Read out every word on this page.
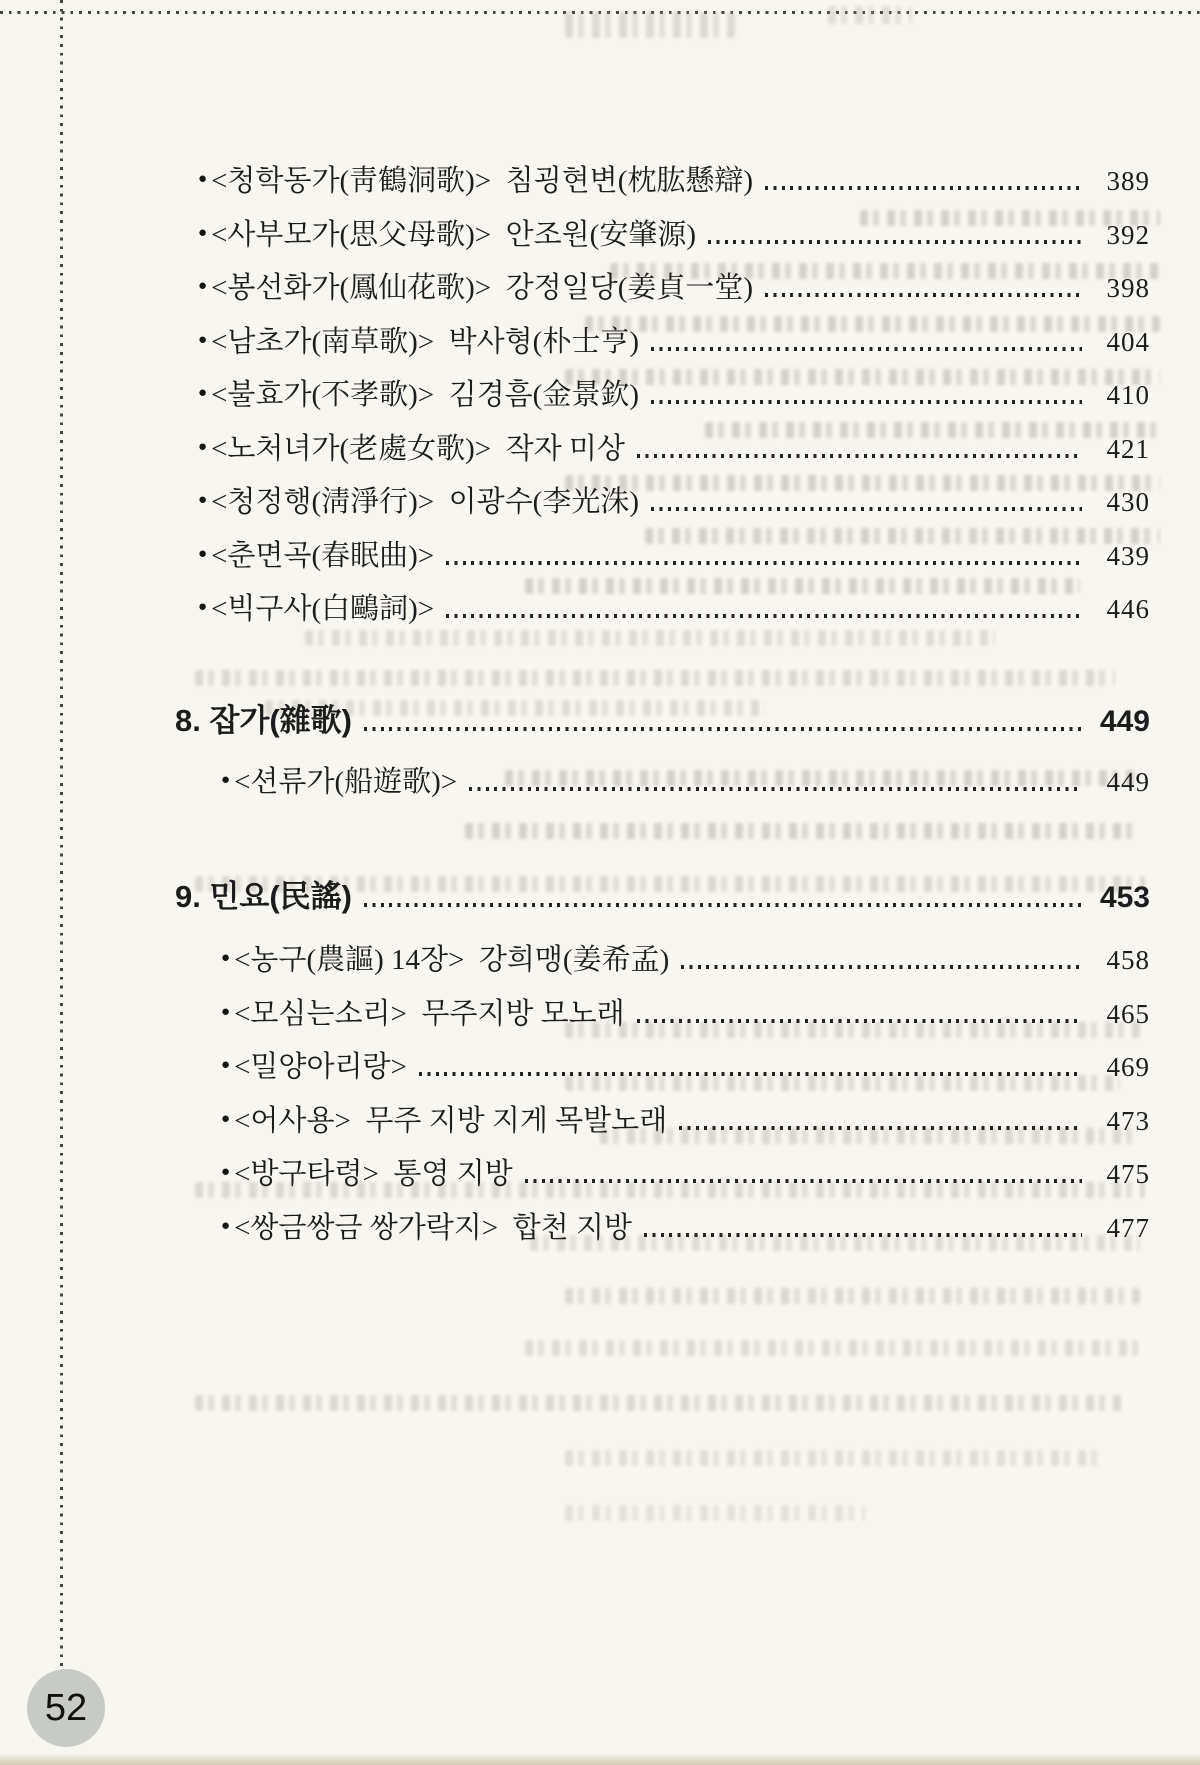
● <청학동가(靑鶴洞歌)> 침굉현변(枕肱懸辯)	389
● <사부모가(思父母歌)> 안조원(安肇源)	392
● <봉선화가(鳳仙花歌)> 강정일당(姜貞一堂)	398
● <남초가(南草歌)> 박사형(朴士亨)	404
● <불효가(不孝歌)> 김경흠(金景欽)	410
● <노처녀가(老處女歌)> 작자 미상	421
● <청정행(淸淨行)> 이광수(李光洙)	430
● <춘면곡(春眠曲)>	439
● <빅구사(白鷗詞)>	446
8. 잡가(雜歌)	449
● <션류가(船遊歌)>	449
9. 민요(民謠)	453
● <농구(農謳) 14장> 강희맹(姜希孟)	458
● <모심는소리> 무주지방 모노래	465
● <밀양아리랑>	469
● <어사용> 무주 지방 지게 목발노래	473
● <방구타령> 통영 지방	475
● <쌍금쌍금 쌍가락지> 합천 지방	477
52
